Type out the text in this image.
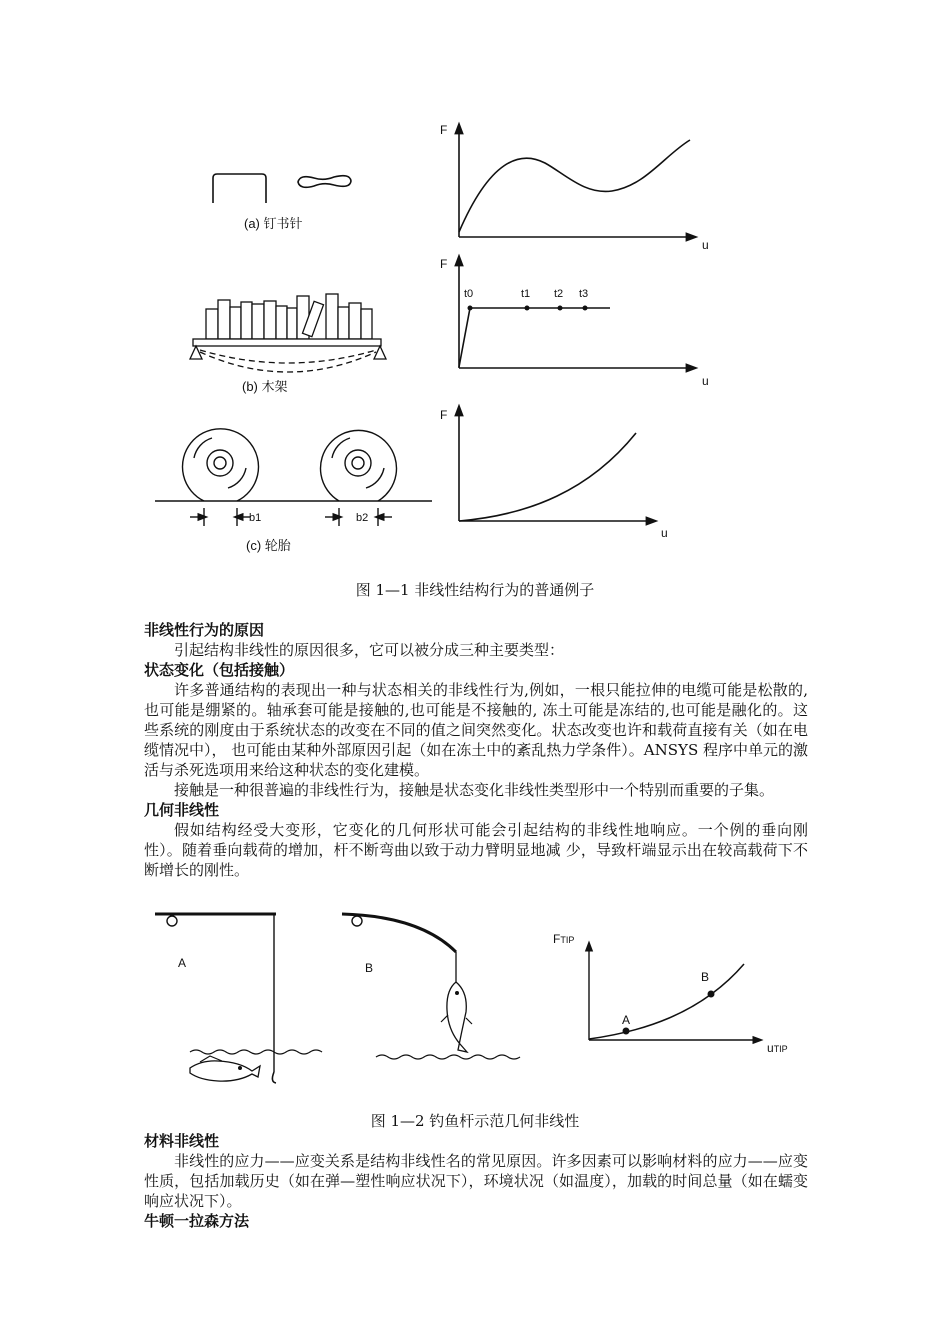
(a) 钉书针
F
u
(b) 木架
t0	t1 t2 t3
F
u
b1	b2
(c) 轮胎
F
u
图 1—1 非线性结构行为的普通例子
非线性行为的原因
引起结构非线性的原因很多，它可以被分成三种主要类型：
状态变化（包括接触）
许多普通结构的表现出一种与状态相关的非线性行为,例如，一根只能拉伸的电缆可能是松散的,也可能是绷紧的。轴承套可能是接触的,也可能是不接触的, 冻土可能是冻结的,也可能是融化的。这些系统的刚度由于系统状态的改变在不同的值之间突然变化。状态改变也许和载荷直接有关（如在电缆情况中）， 也可能由某种外部原因引起（如在冻土中的紊乱热力学条件）。ANSYS 程序中单元的激活与杀死选项用来给这种状态的变化建模。
接触是一种很普遍的非线性行为，接触是状态变化非线性类型形中一个特别而重要的子集。
几何非线性
假如结构经受大变形，它变化的几何形状可能会引起结构的非线性地响应。一个例的垂向刚性）。随着垂向载荷的增加，杆不断弯曲以致于动力臂明显地减 少，导致杆端显示出在较高载荷下不断增长的刚性。
A	B
A
B
FTIP
uTIP
图 1—2 钓鱼杆示范几何非线性
材料非线性
非线性的应力——应变关系是结构非线性名的常见原因。许多因素可以影响材料的应力——应变性质，包括加载历史（如在弹—塑性响应状况下），环境状况（如温度），加载的时间总量（如在蠕变响应状况下）。
牛顿一拉森方法
